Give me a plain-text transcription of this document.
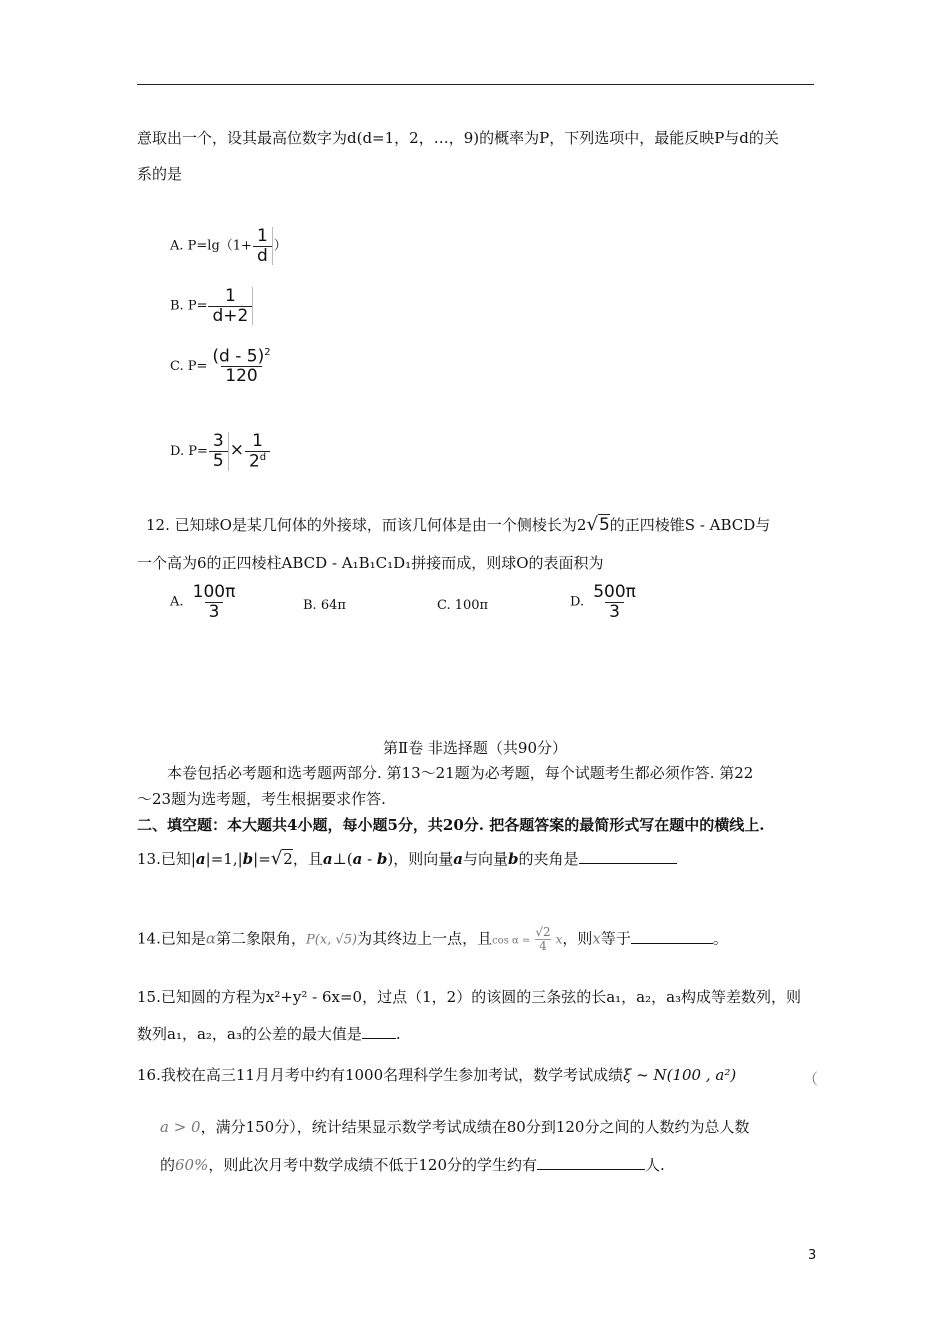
意取出一个，设其最高位数字为d(d=1，2，…，9)的概率为P，下列选项中，最能反映P与d的关
系的是
A. $P=\lg(1+ \frac{1}{d}$ ）
B. $P= \frac{1}{d+2}$
C. $P= \frac{(d - 5)^2}{120}$
D. $P= \frac{3}{5} \times \frac{1}{2^d}$
12. 已知球O是某几何体的外接球，而该几何体是由一个侧棱长为2√5的正四棱锥S - ABCD与
一个高为6的正四棱柱ABCD - A₁B₁C₁D₁拼接而成，则球O的表面积为
A. $\frac{100\pi}{3}$	B. 64π	C. 100π	D. $\frac{500\pi}{3}$
第Ⅱ卷 非选择题（共90分）
本卷包括必考题和选考题两部分. 第13～21题为必考题，每个试题考生都必须作答. 第22
～23题为选考题，考生根据要求作答.
二、填空题：本大题共4小题，每小题5分，共20分. 把各题答案的最简形式写在题中的横线上.
13.已知|a|=1,|b|=√2，且a⊥(a - b)，则向量a与向量b的夹角是
14.已知是α第二象限角，P(x, √5)为其终边上一点，且$\cos \alpha = \frac{√2}{4}$ x，则x等于	。
15.已知圆的方程为x²+y² - 6x=0，过点（1，2）的该圆的三条弦的长a₁，a₂，a₃构成等差数列，则
数列a₁，a₂，a₃的公差的最大值是 .
16.我校在高三11月月考中约有1000名理科学生参加考试，数学考试成绩ξ ~ N(100 , a²)	（
a > 0，满分150分），统计结果显示数学考试成绩在80分到120分之间的人数约为总人数
的60%，则此次月考中数学成绩不低于120分的学生约有	人.
3
